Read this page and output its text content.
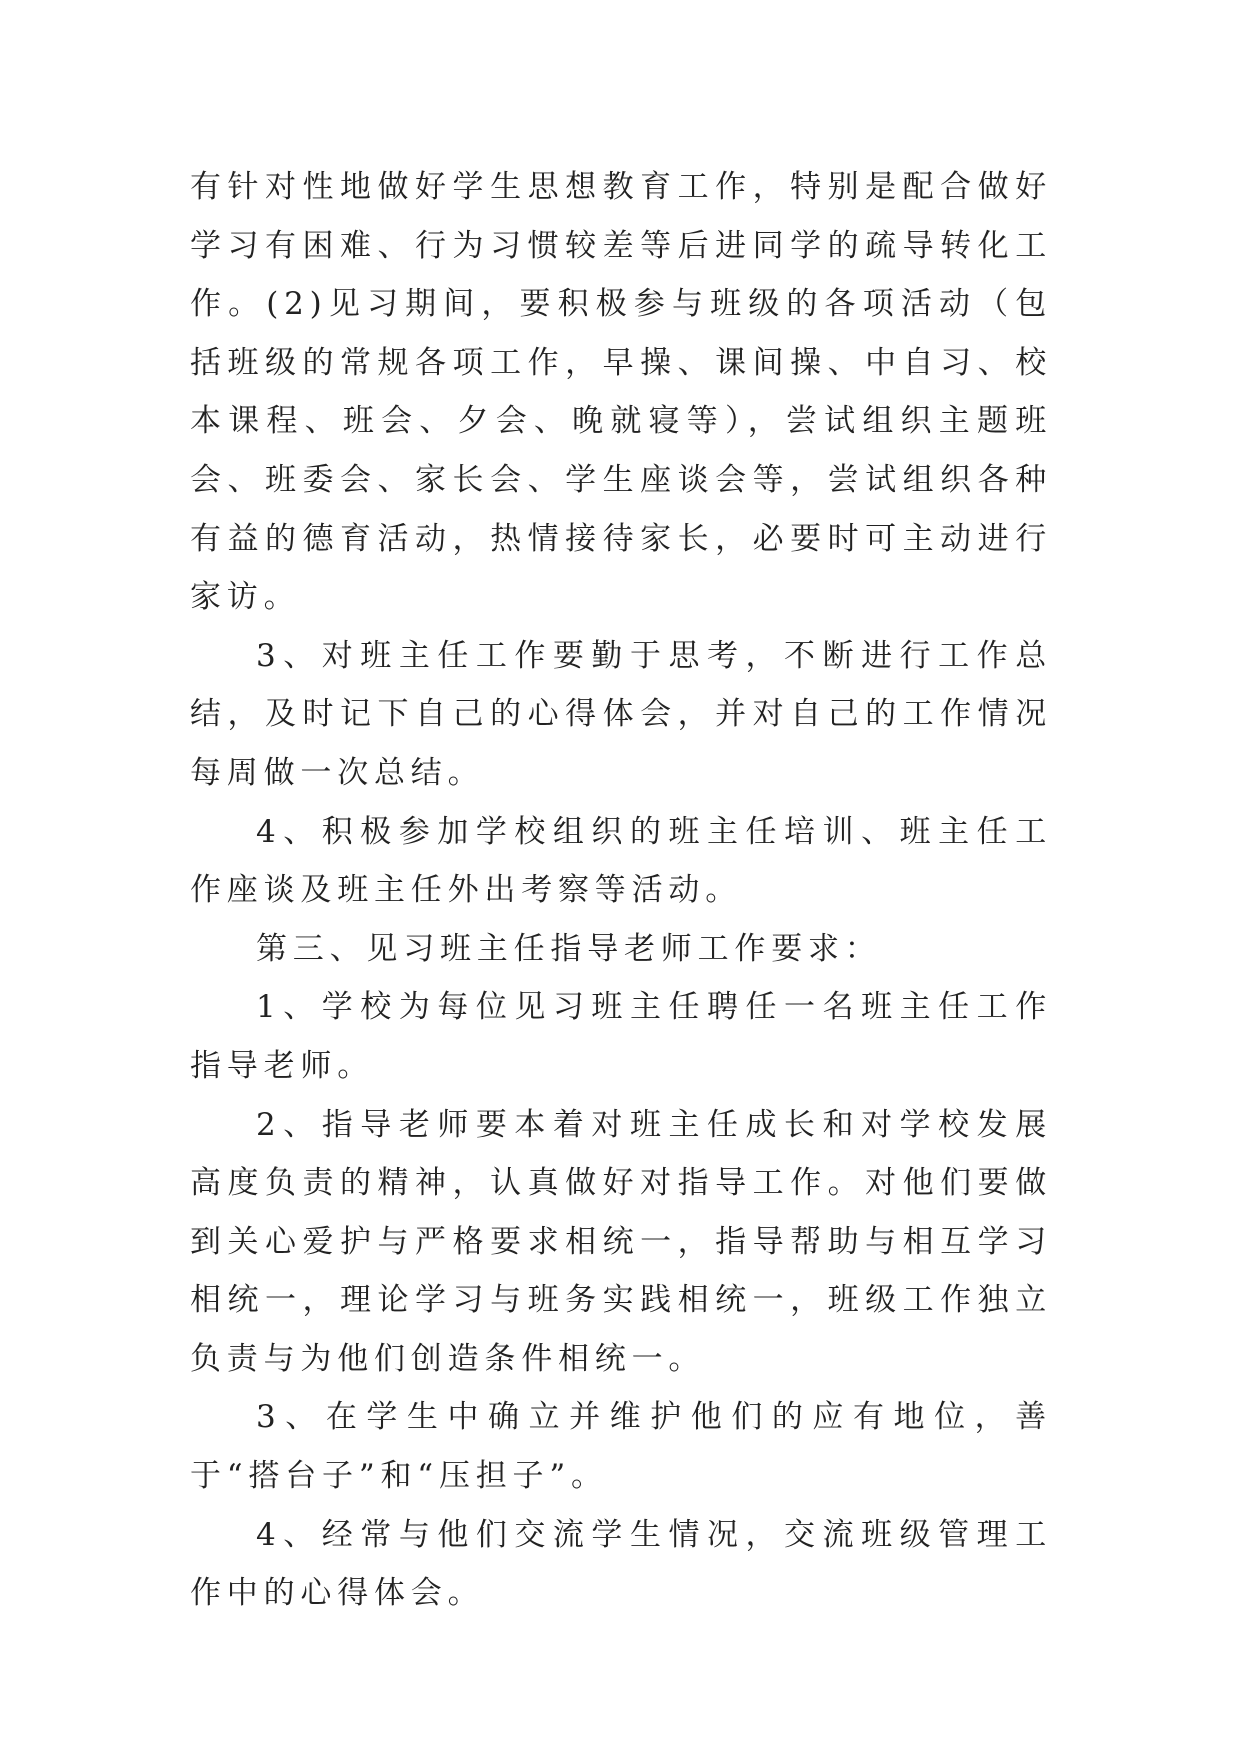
有针对性地做好学生思想教育工作，特别是配合做好学习有困难、行为习惯较差等后进同学的疏导转化工作。(2)见习期间，要积极参与班级的各项活动（包括班级的常规各项工作，早操、课间操、中自习、校本课程、班会、夕会、晚就寝等），尝试组织主题班会、班委会、家长会、学生座谈会等，尝试组织各种有益的德育活动，热情接待家长，必要时可主动进行家访。

3、对班主任工作要勤于思考，不断进行工作总结，及时记下自己的心得体会，并对自己的工作情况每周做一次总结。

4、积极参加学校组织的班主任培训、班主任工作座谈及班主任外出考察等活动。

第三、见习班主任指导老师工作要求：

1、学校为每位见习班主任聘任一名班主任工作指导老师。

2、指导老师要本着对班主任成长和对学校发展高度负责的精神，认真做好对指导工作。对他们要做到关心爱护与严格要求相统一，指导帮助与相互学习相统一，理论学习与班务实践相统一，班级工作独立负责与为他们创造条件相统一。

3、在学生中确立并维护他们的应有地位，善于“搭台子”和“压担子”。

4、经常与他们交流学生情况，交流班级管理工作中的心得体会。
